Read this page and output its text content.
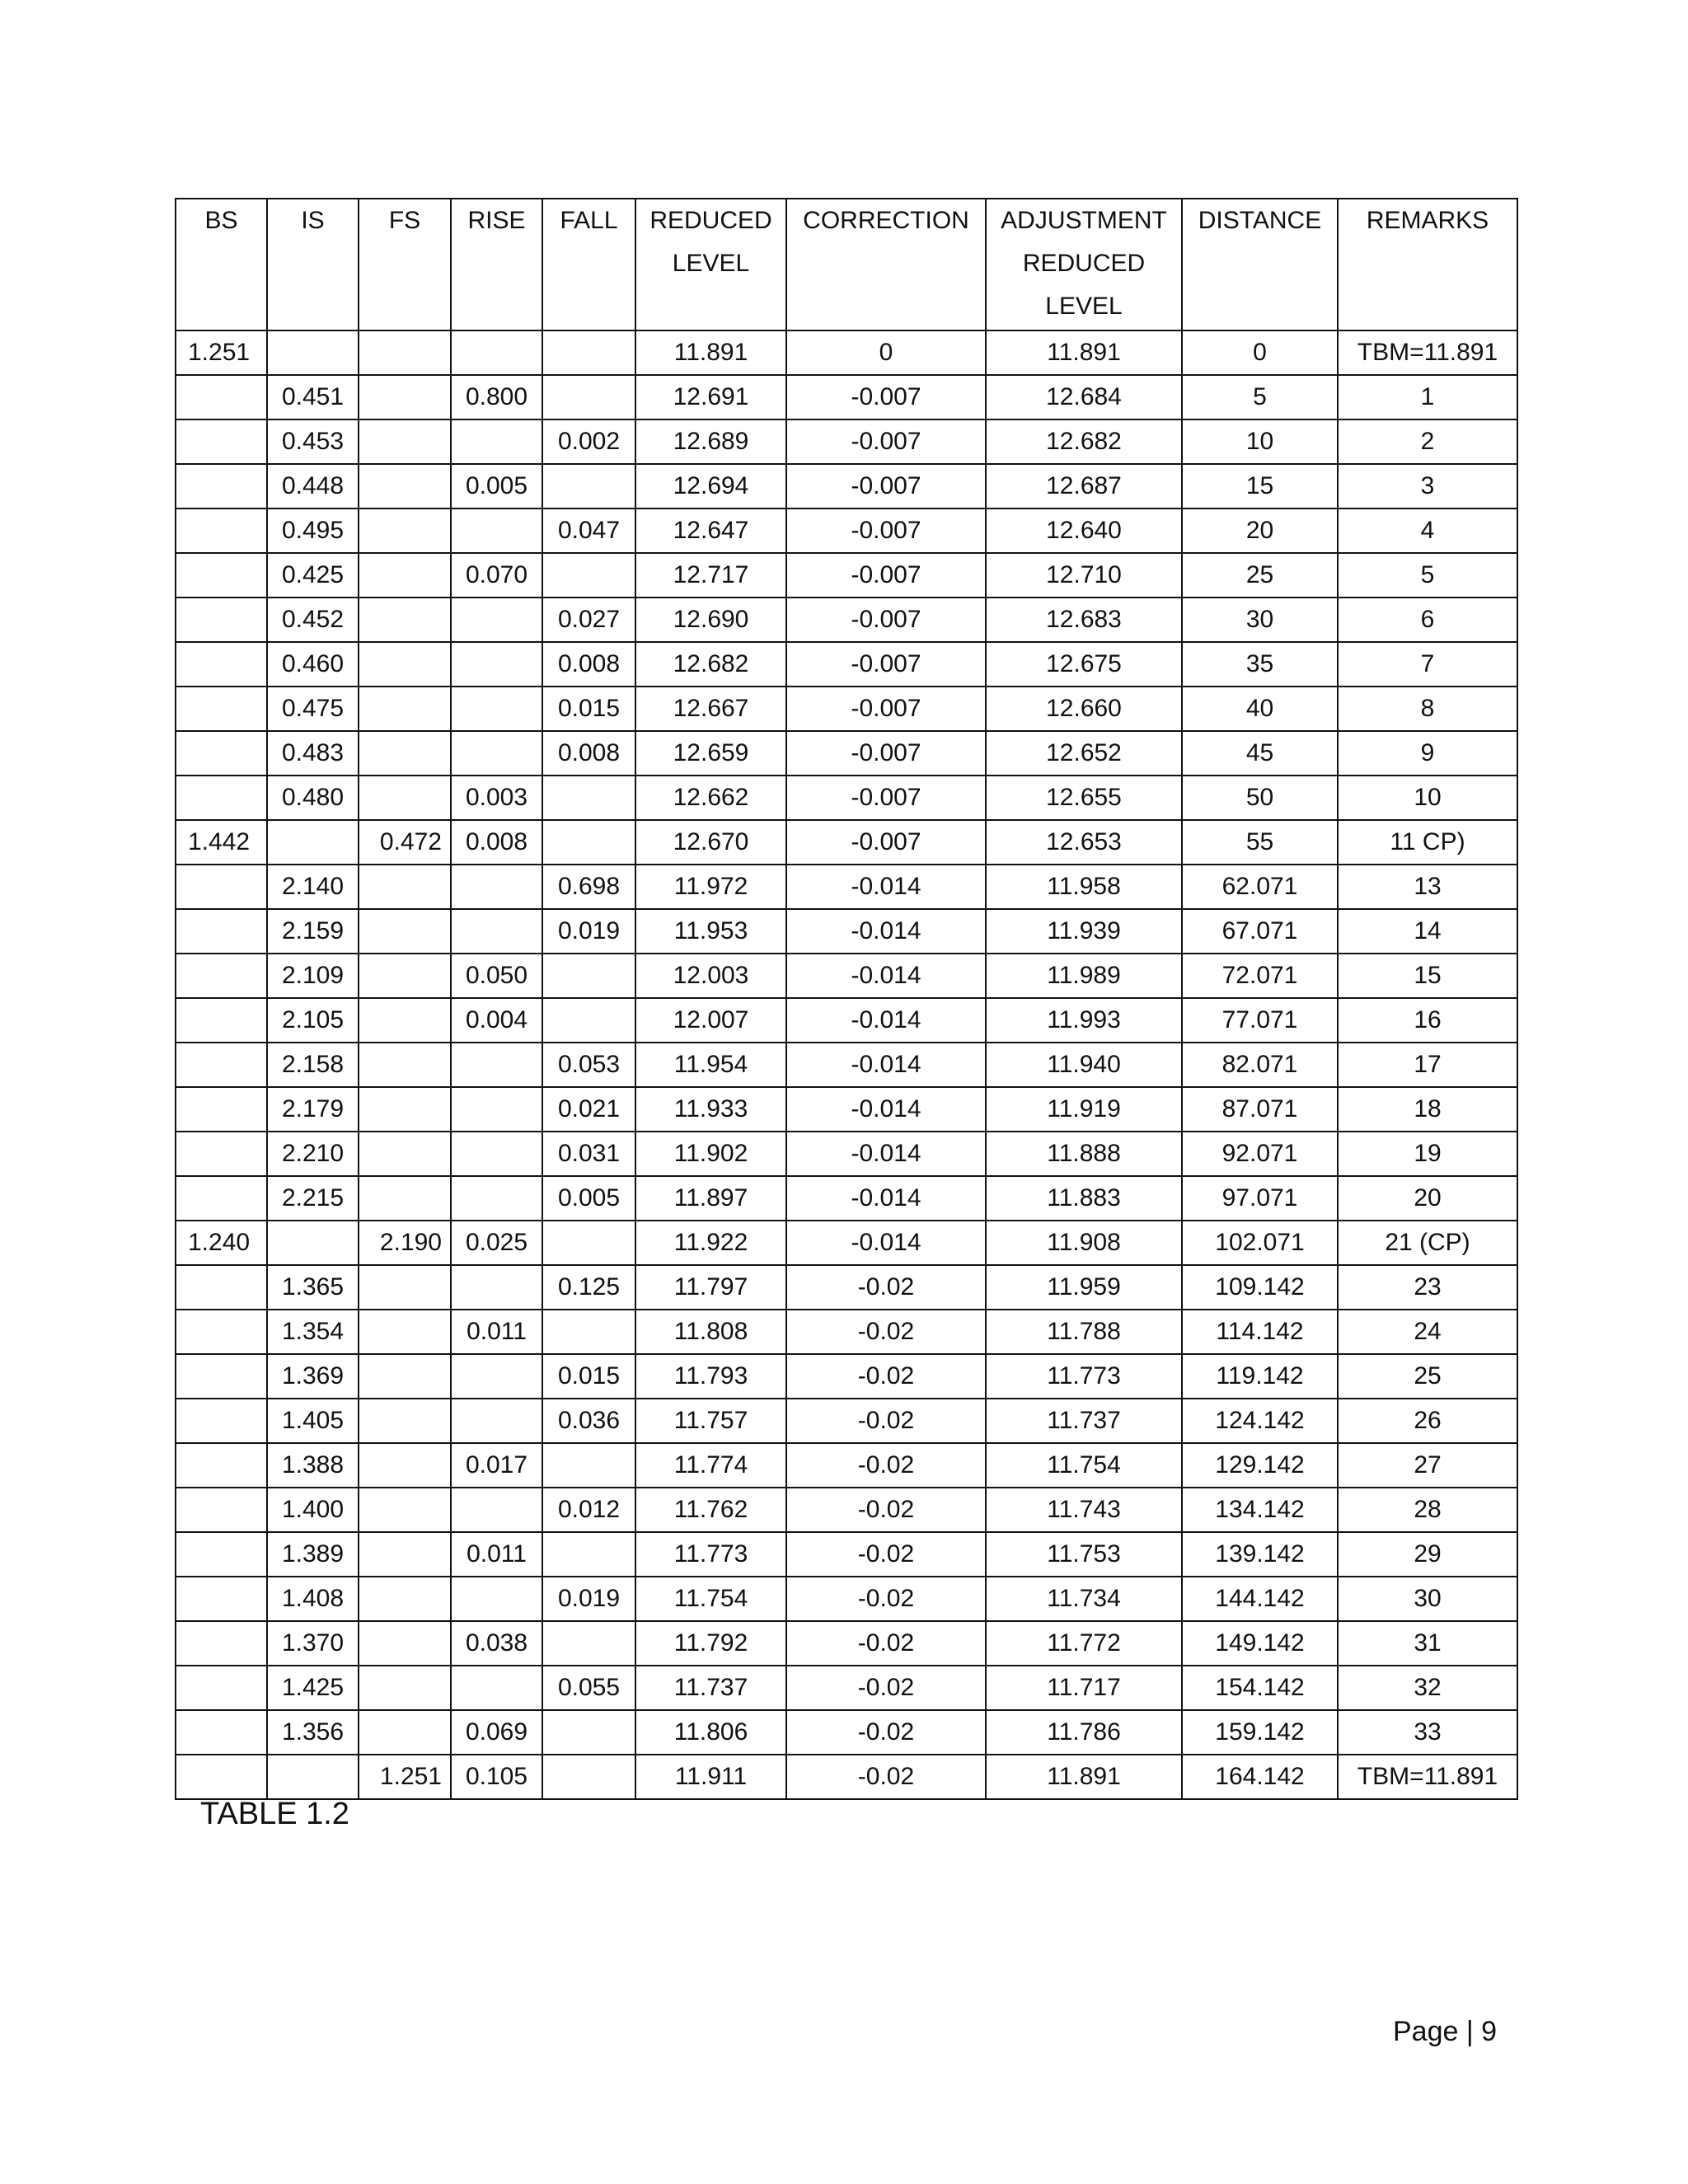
BS	IS	FS	RISE	FALL	REDUCED LEVEL	CORRECTION	ADJUSTMENT REDUCED LEVEL	DISTANCE	REMARKS
1.251					11.891	0	11.891	0	TBM=11.891
	0.451		0.800		12.691	-0.007	12.684	5	1
	0.453			0.002	12.689	-0.007	12.682	10	2
	0.448		0.005		12.694	-0.007	12.687	15	3
	0.495			0.047	12.647	-0.007	12.640	20	4
	0.425		0.070		12.717	-0.007	12.710	25	5
	0.452			0.027	12.690	-0.007	12.683	30	6
	0.460			0.008	12.682	-0.007	12.675	35	7
	0.475			0.015	12.667	-0.007	12.660	40	8
	0.483			0.008	12.659	-0.007	12.652	45	9
	0.480		0.003		12.662	-0.007	12.655	50	10
1.442		0.472	0.008		12.670	-0.007	12.653	55	11 CP)
	2.140			0.698	11.972	-0.014	11.958	62.071	13
	2.159			0.019	11.953	-0.014	11.939	67.071	14
	2.109		0.050		12.003	-0.014	11.989	72.071	15
	2.105		0.004		12.007	-0.014	11.993	77.071	16
	2.158			0.053	11.954	-0.014	11.940	82.071	17
	2.179			0.021	11.933	-0.014	11.919	87.071	18
	2.210			0.031	11.902	-0.014	11.888	92.071	19
	2.215			0.005	11.897	-0.014	11.883	97.071	20
1.240		2.190	0.025		11.922	-0.014	11.908	102.071	21 (CP)
	1.365			0.125	11.797	-0.02	11.959	109.142	23
	1.354		0.011		11.808	-0.02	11.788	114.142	24
	1.369			0.015	11.793	-0.02	11.773	119.142	25
	1.405			0.036	11.757	-0.02	11.737	124.142	26
	1.388		0.017		11.774	-0.02	11.754	129.142	27
	1.400			0.012	11.762	-0.02	11.743	134.142	28
	1.389		0.011		11.773	-0.02	11.753	139.142	29
	1.408			0.019	11.754	-0.02	11.734	144.142	30
	1.370		0.038		11.792	-0.02	11.772	149.142	31
	1.425			0.055	11.737	-0.02	11.717	154.142	32
	1.356		0.069		11.806	-0.02	11.786	159.142	33
		1.251	0.105		11.911	-0.02	11.891	164.142	TBM=11.891
TABLE 1.2
Page | 9
